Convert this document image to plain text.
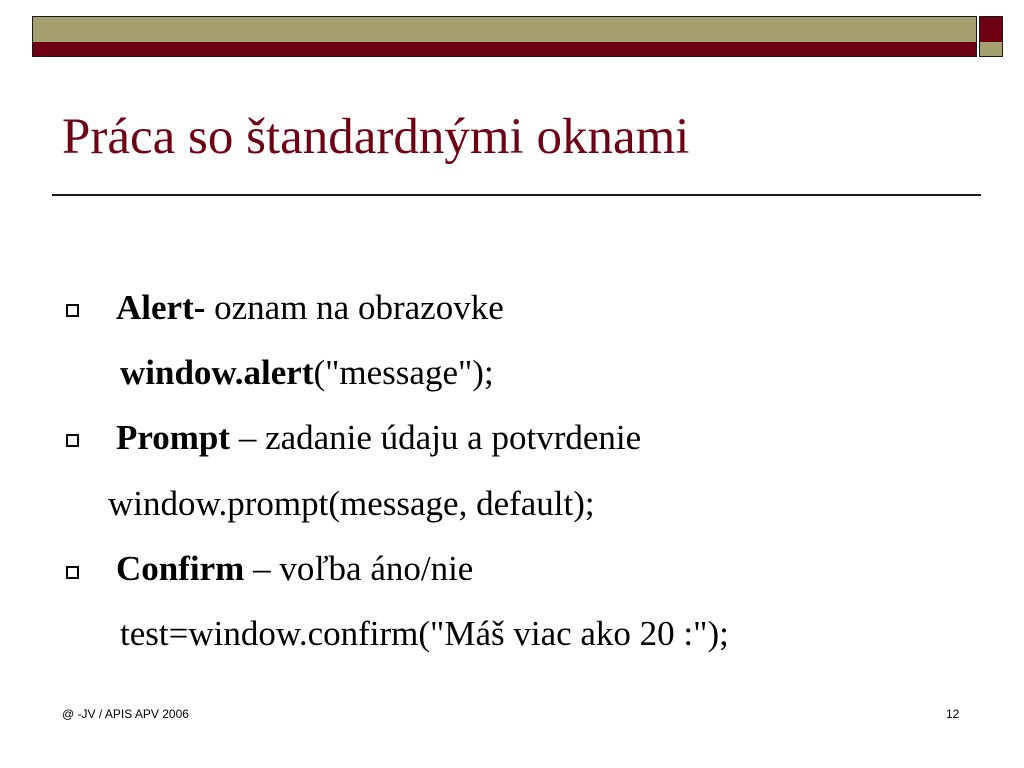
Práca so štandardnými oknami
Alert- oznam na obrazovke
window.alert("message");
Prompt – zadanie údaju a potvrdenie
window.prompt(message, default);
Confirm – voľba áno/nie
test=window.confirm("Máš viac ako 20 :");
@ -JV / APIS APV 2006	12
